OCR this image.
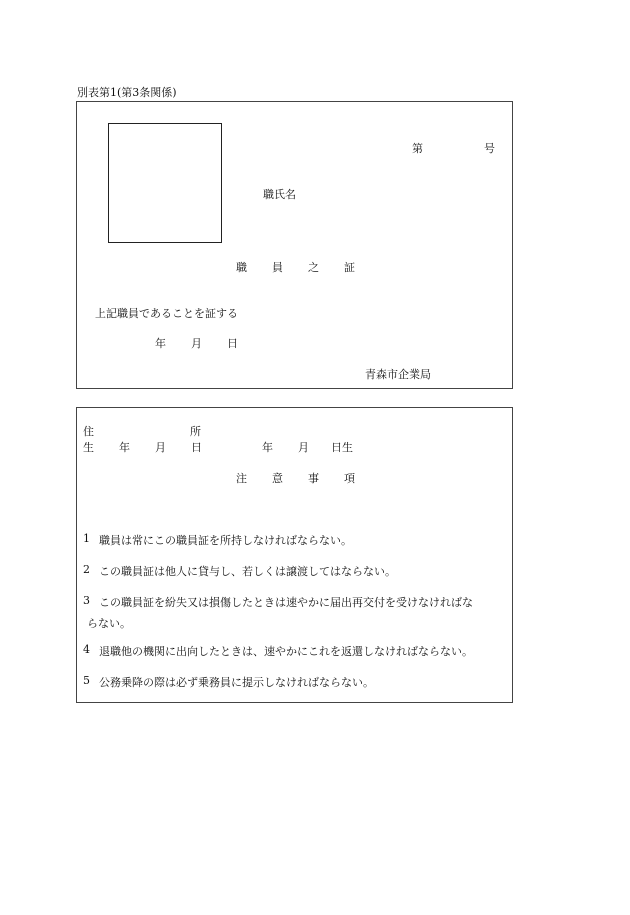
別表第1(第3条関係)
第	号
職氏名
職 員 之 証
上記職員であることを証する
年 月 日
青森市企業局
住	所
生 年 月 日	年 月 日生
注 意 事 項
1 職員は常にこの職員証を所持しなければならない。
2 この職員証は他人に貸与し、若しくは譲渡してはならない。
3 この職員証を紛失又は損傷したときは速やかに届出再交付を受けなければな
らない。
4 退職他の機関に出向したときは、速やかにこれを返還しなければならない。
5 公務乗降の際は必ず乗務員に提示しなければならない。
